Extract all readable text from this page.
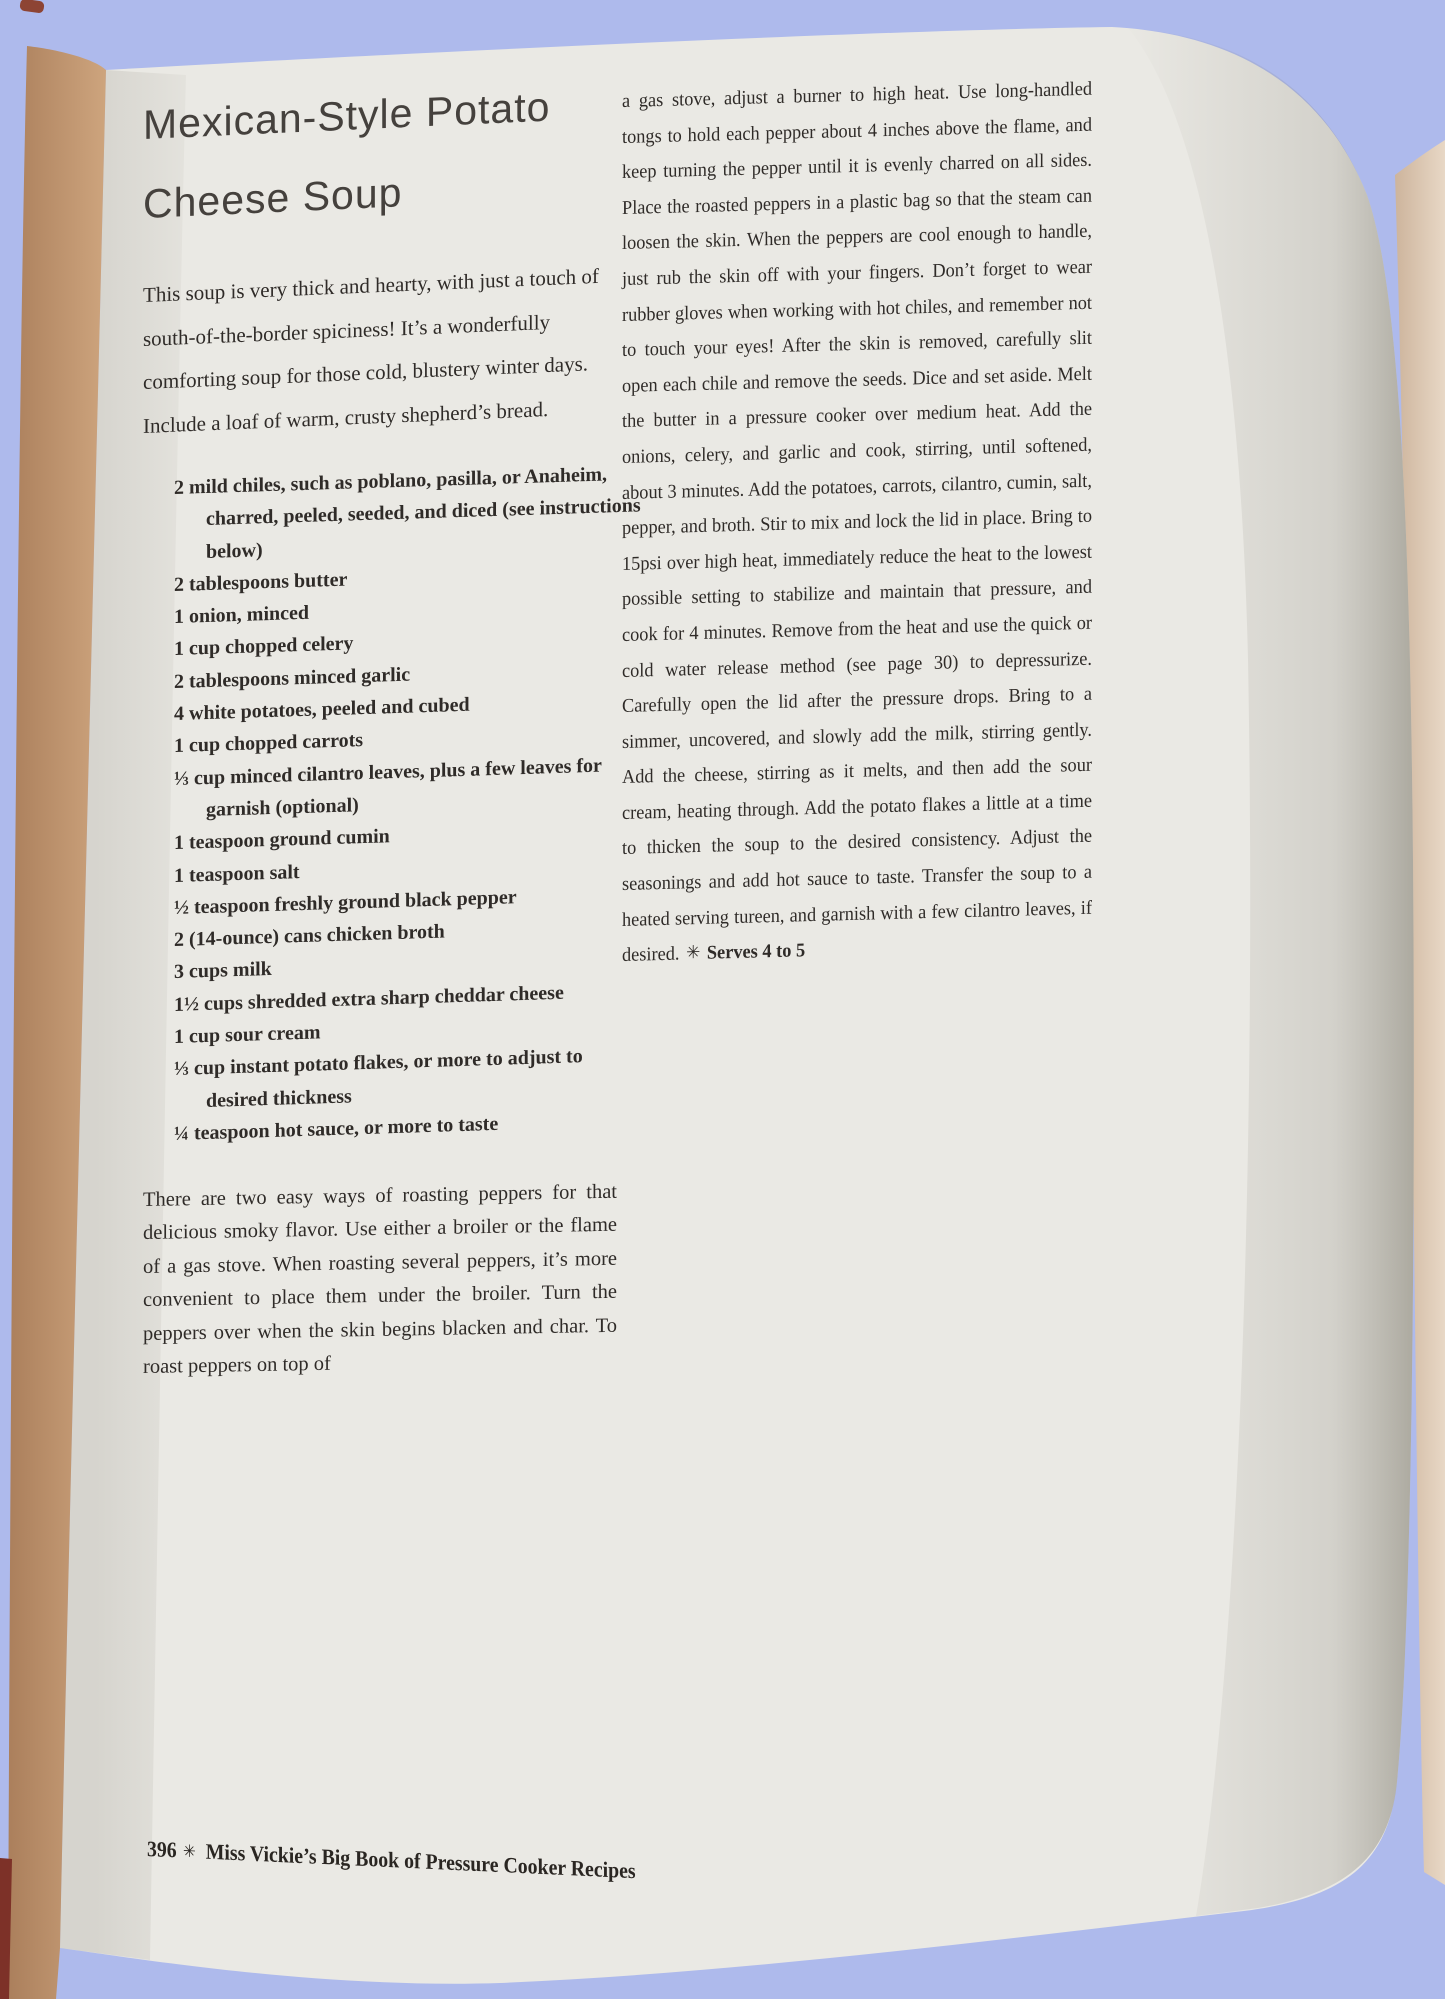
Mexican-Style Potato
Cheese Soup
This soup is very thick and hearty, with just a touch of south-of-the-border spiciness! It’s a wonderfully comforting soup for those cold, blustery winter days. Include a loaf of warm, crusty shepherd’s bread.
2 mild chiles, such as poblano, pasilla, or Anaheim, charred, peeled, seeded, and diced (see instructions below)
2 tablespoons butter
1 onion, minced
1 cup chopped celery
2 tablespoons minced garlic
4 white potatoes, peeled and cubed
1 cup chopped carrots
⅓ cup minced cilantro leaves, plus a few leaves for garnish (optional)
1 teaspoon ground cumin
1 teaspoon salt
½ teaspoon freshly ground black pepper
2 (14-ounce) cans chicken broth
3 cups milk
1½ cups shredded extra sharp cheddar cheese
1 cup sour cream
⅓ cup instant potato flakes, or more to adjust to desired thickness
¼ teaspoon hot sauce, or more to taste
There are two easy ways of roasting peppers for that delicious smoky flavor. Use either a broiler or the flame of a gas stove. When roasting several peppers, it’s more convenient to place them under the broiler. Turn the peppers over when the skin begins blacken and char. To roast peppers on top of
a gas stove, adjust a burner to high heat. Use long-handled tongs to hold each pepper about 4 inches above the flame, and keep turning the pepper until it is evenly charred on all sides. Place the roasted peppers in a plastic bag so that the steam can loosen the skin. When the peppers are cool enough to handle, just rub the skin off with your fingers. Don’t forget to wear rubber gloves when working with hot chiles, and remember not to touch your eyes! After the skin is removed, carefully slit open each chile and remove the seeds. Dice and set aside. Melt the butter in a pressure cooker over medium heat. Add the onions, celery, and garlic and cook, stirring, until softened, about 3 minutes. Add the potatoes, carrots, cilantro, cumin, salt, pepper, and broth. Stir to mix and lock the lid in place. Bring to 15psi over high heat, immediately reduce the heat to the lowest possible setting to stabilize and maintain that pressure, and cook for 4 minutes. Remove from the heat and use the quick or cold water release method (see page 30) to depressurize. Carefully open the lid after the pressure drops. Bring to a simmer, uncovered, and slowly add the milk, stirring gently. Add the cheese, stirring as it melts, and then add the sour cream, heating through. Add the potato flakes a little at a time to thicken the soup to the desired consistency. Adjust the seasonings and add hot sauce to taste. Transfer the soup to a heated serving tureen, and garnish with a few cilantro leaves, if desired. ✳ Serves 4 to 5
396 ✳ Miss Vickie’s Big Book of Pressure Cooker Recipes
